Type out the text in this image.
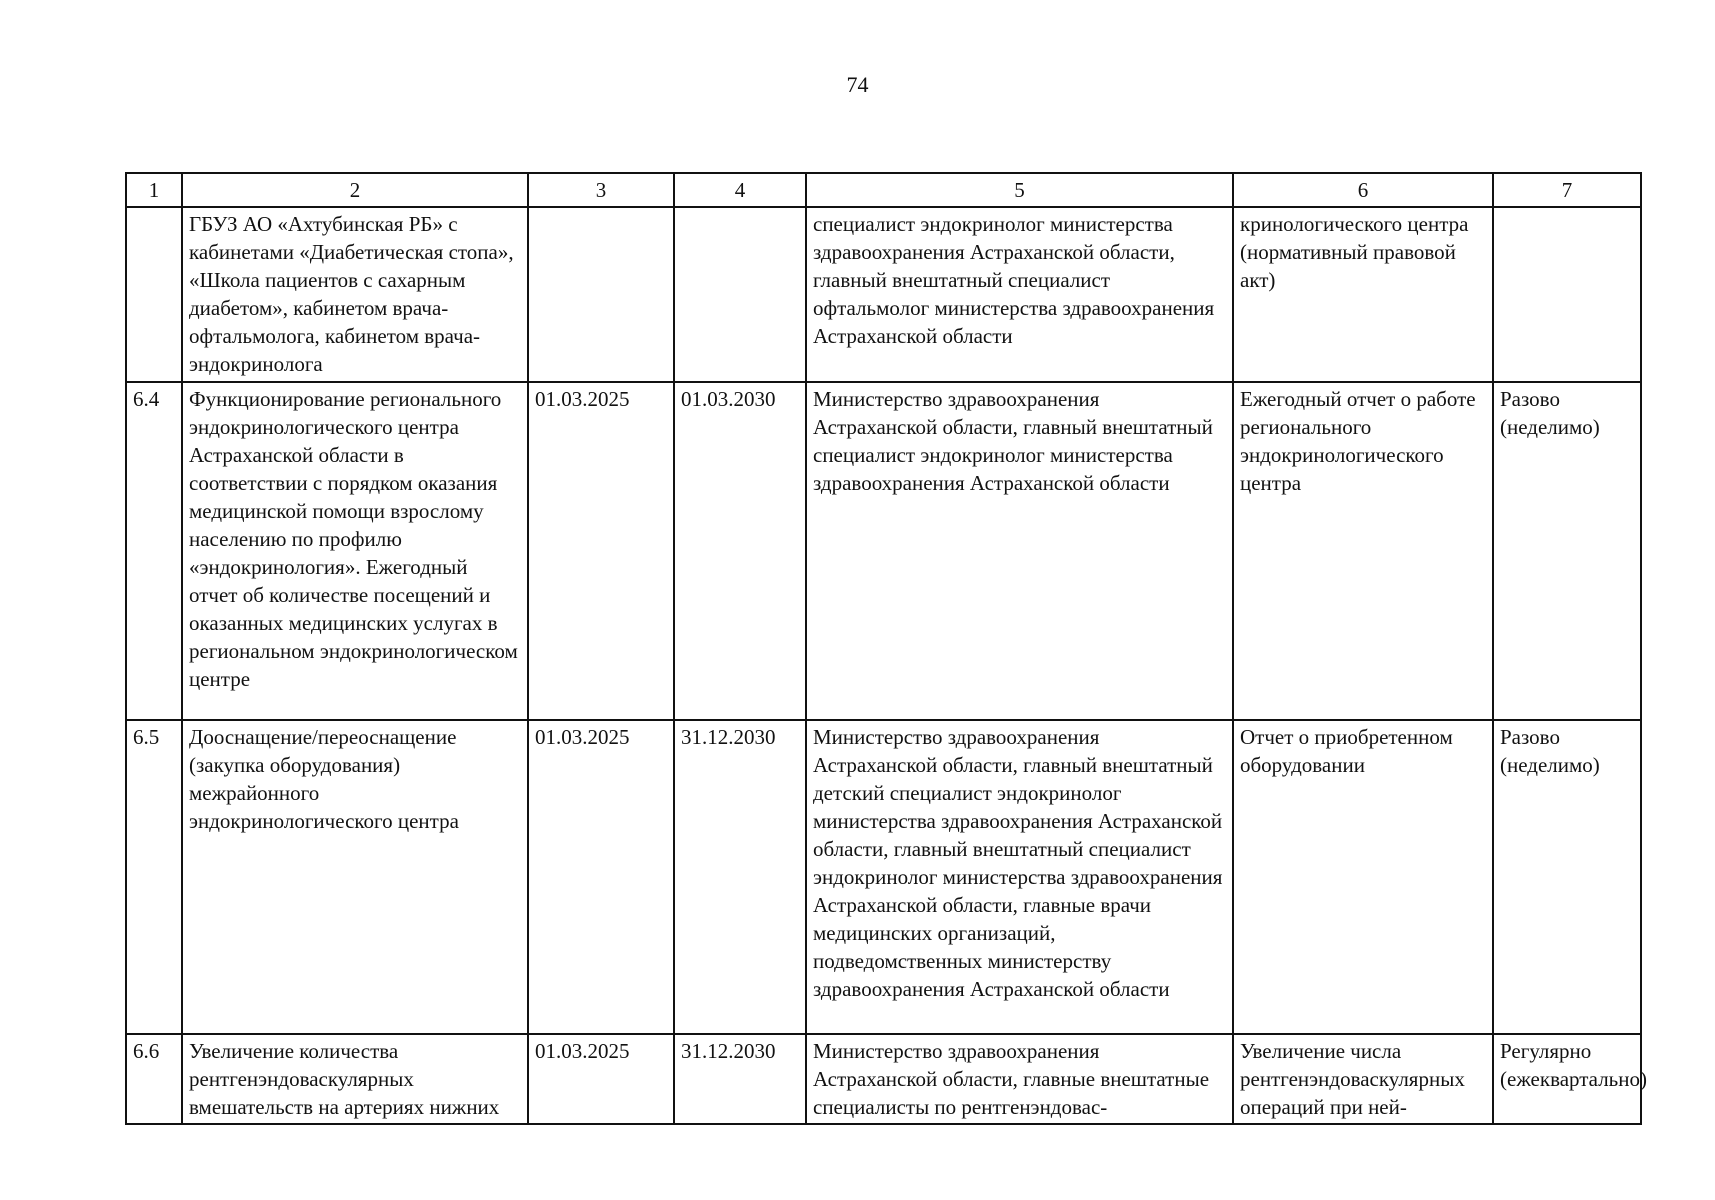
74
1	2	3	4	5	6	7
	ГБУЗ АО «Ахтубинская РБ» с кабинетами «Диабетическая стопа», «Школа пациентов с сахарным диабетом», кабинетом врача-офтальмолога, кабинетом врача-эндокринолога			специалист эндокринолог министерства здравоохранения Астраханской области, главный внештатный специалист офтальмолог министерства здравоохранения Астраханской области	кринологического центра (нормативный правовой акт)	
6.4	Функционирование регионального эндокринологического центра Астраханской области в соответствии с порядком оказания медицинской помощи взрослому населению по профилю «эндокринология». Ежегодный отчет об количестве посещений и оказанных медицинских услугах в региональном эндокринологическом центре	01.03.2025	01.03.2030	Министерство здравоохранения Астраханской области, главный внештатный специалист эндокринолог министерства здравоохранения Астраханской области	Ежегодный отчет о работе регионального эндокринологического центра	Разово (неделимо)
6.5	Дооснащение/переоснащение (закупка оборудования) межрайонного эндокринологического центра	01.03.2025	31.12.2030	Министерство здравоохранения Астраханской области, главный внештатный детский специалист эндокринолог министерства здравоохранения Астраханской области, главный внештатный специалист эндокринолог министерства здравоохранения Астраханской области, главные врачи медицинских организаций, подведомственных министерству здравоохранения Астраханской области	Отчет о приобретенном оборудовании	Разово (неделимо)
6.6	Увеличение количества рентгенэндоваскулярных вмешательств на артериях нижних	01.03.2025	31.12.2030	Министерство здравоохранения Астраханской области, главные внештатные специалисты по рентгенэндовас-	Увеличение числа рентгенэндоваскулярных операций при ней-	Регулярно (ежеквартально)
